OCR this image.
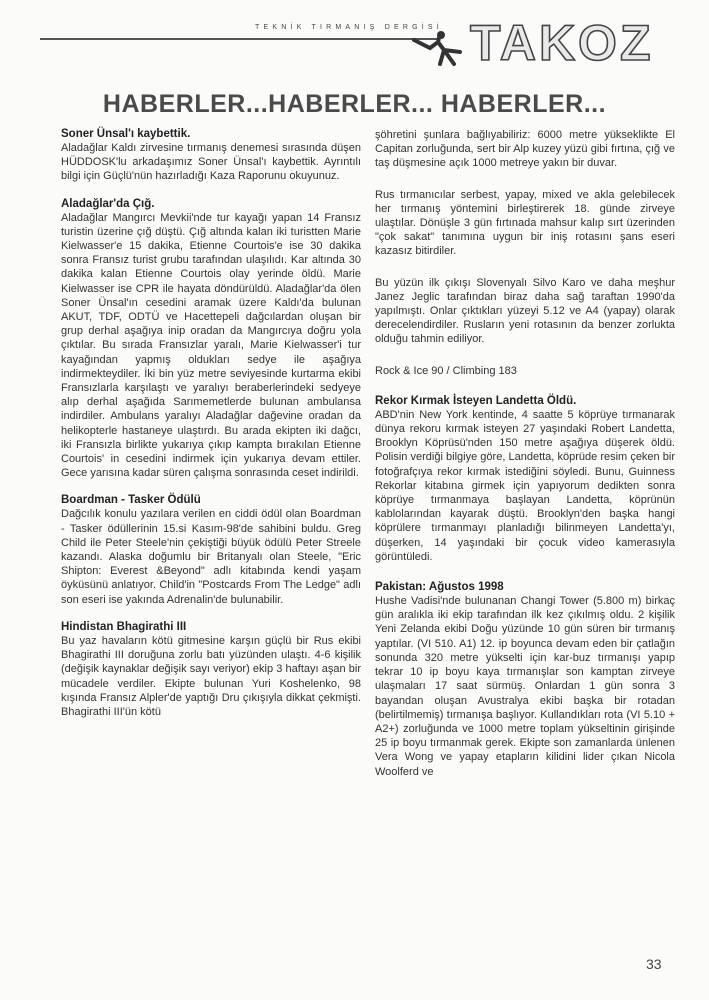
TEKNİK TIRMANIŞ DERGİSİ TAKOZ
HABERLER...HABERLER... HABERLER...
Soner Ünsal'ı kaybettik.

Aladağlar Kaldı zirvesine tırmanış denemesi sırasında düşen HÜDDOSK'lu arkadaşımız Soner Ünsal'ı kaybettik. Ayrıntılı bilgi için Güçlü'nün hazırladığı Kaza Raporunu okuyunuz.

Aladağlar'da Çığ.

Aladağlar Mangırcı Mevkii'nde tur kayağı yapan 14 Fransız turistin üzerine çığ düştü. Çığ altında kalan iki turistten Marie Kielwasser'e 15 dakika, Etienne Courtois'e ise 30 dakika sonra Fransız turist grubu tarafından ulaşılıdı. Kar altında 30 dakika kalan Etienne Courtois olay yerinde öldü. Marie Kielwasser ise CPR ile hayata döndürüldü. Aladağlar'da ölen Soner Ünsal'ın cesedini aramak üzere Kaldı'da bulunan AKUT, TDF, ODTÜ ve Hacettepeli dağcılardan oluşan bir grup derhal aşağıya inip oradan da Mangırcıya doğru yola çıktılar. Bu sırada Fransızlar yaralı, Marie Kielwasser'i tur kayağından yapmış oldukları sedye ile aşağıya indirmekteydiler. İki bin yüz metre seviyesinde kurtarma ekibi Fransızlarla karşılaştı ve yaralıyı beraberlerindeki sedyeye alıp derhal aşağıda Sarımemetlerde bulunan ambulansa indirdiler. Ambulans yaralıyı Aladağlar dağevine oradan da helikopterle hastaneye ulaştırdı. Bu arada ekipten iki dağcı, iki Fransızla birlikte yukarıya çıkıp kampta bırakılan Etienne Courtois' in cesedini indirmek için yukarıya devam ettiler. Gece yarısına kadar süren çalışma sonrasında ceset indirildi.

Boardman - Tasker Ödülü

Dağcılık konulu yazılara verilen en ciddi ödül olan Boardman - Tasker ödüllerinin 15.si Kasım-98'de sahibini buldu. Greg Child ile Peter Steele'nin çekiştiği büyük ödülü Peter Streele kazandı. Alaska doğumlu bir Britanyalı olan Steele, "Eric Shipton: Everest &Beyond" adlı kitabında kendi yaşam öyküsünü anlatıyor. Child'in "Postcards From The Ledge" adlı son eseri ise yakında Adrenalin'de bulunabilir.

Hindistan Bhagirathi III

Bu yaz havaların kötü gitmesine karşın güçlü bir Rus ekibi Bhagirathi III doruğuna zorlu batı yüzünden ulaştı. 4-6 kişilik (değişik kaynaklar değişik sayı veriyor) ekip 3 haftayı aşan bir mücadele verdiler. Ekipte bulunan Yuri Koshelenko, 98 kışında Fransız Alpler'de yaptığı Dru çıkışıyla dikkat çekmişti. Bhagirathi III'ün kötü

şöhretini şunlara bağlıyabiliriz: 6000 metre yükseklikte El Capitan zorluğunda, sert bir Alp kuzey yüzü gibi fırtına, çığ ve taş düşmesine açık 1000 metreye yakın bir duvar.

Rus tırmanıcılar serbest, yapay, mixed ve akla gelebilecek her tırmanış yöntemini birleştirerek 18. günde zirveye ulaştılar. Dönüşle 3 gün fırtınada mahsur kalıp sırt üzerinden "çok sakat" tanımına uygun bir iniş rotasını şans eseri kazasız bitirdiler.

Bu yüzün ilk çıkışı Slovenyalı Silvo Karo ve daha meşhur Janez Jeglic tarafından biraz daha sağ taraftan 1990'da yapılmıştı. Onlar çıktıkları yüzeyi 5.12 ve A4 (yapay) olarak derecelendirdiler. Rusların yeni rotasının da benzer zorlukta olduğu tahmin ediliyor.

Rock & Ice 90 / Climbing 183

Rekor Kırmak İsteyen Landetta Öldü.

ABD'nin New York kentinde, 4 saatte 5 köprüye tırmanarak dünya rekoru kırmak isteyen 27 yaşındaki Robert Landetta, Brooklyn Köprüsü'nden 150 metre aşağıya düşerek öldü. Polisin verdiği bilgiye göre, Landetta, köprüde resim çeken bir fotoğrafçıya rekor kırmak istediğini söyledi. Bunu, Guinness Rekorlar kitabına girmek için yapıyorum dedikten sonra köprüye tırmanmaya başlayan Landetta, köprünün kablolarından kayarak düştü. Brooklyn'den başka hangi köprülere tırmanmayı planladığı bilinmeyen Landetta'yı, düşerken, 14 yaşındaki bir çocuk video kamerasıyla görüntüledi.

Pakistan: Ağustos 1998

Hushe Vadisi'nde bulunanan Changi Tower (5.800 m) birkaç gün aralıkla iki ekip tarafından ilk kez çıkılmış oldu. 2 kişilik Yeni Zelanda ekibi Doğu yüzünde 10 gün süren bir tırmanış yaptılar. (VI 510. A1) 12. ip boyunca devam eden bir çatlağın sonunda 320 metre yükselti için kar-buz tırmanışı yapıp tekrar 10 ip boyu kaya tırmanışlar son kamptan zirveye ulaşmaları 17 saat sürmüş. Onlardan 1 gün sonra 3 bayandan oluşan Avustralya ekibi başka bir rotadan (belirtilmemiş) tırmanışa başlıyor. Kullandıkları rota (VI 5.10 + A2+) zorluğunda ve 1000 metre toplam yükseltinin girişinde 25 ip boyu tırmanmak gerek. Ekipte son zamanlarda ünlenen Vera Wong ve yapay etapların kilidini lider çıkan Nicola Woolferd ve

33
